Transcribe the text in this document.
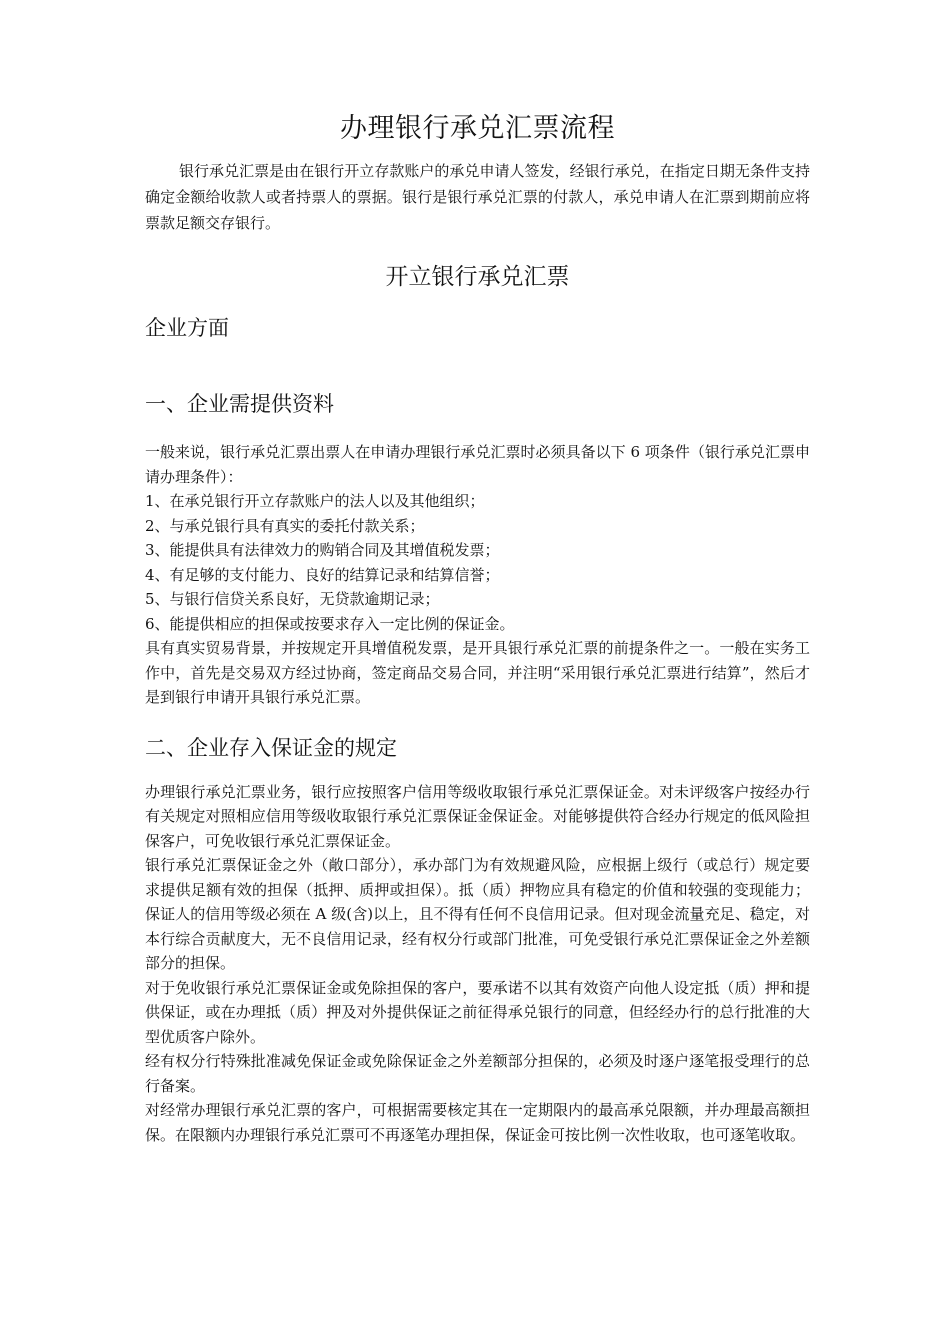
办理银行承兑汇票流程

银行承兑汇票是由在银行开立存款账户的承兑申请人签发，经银行承兑，在指定日期无条件支持确定金额给收款人或者持票人的票据。银行是银行承兑汇票的付款人，承兑申请人在汇票到期前应将票款足额交存银行。

开立银行承兑汇票
企业方面
一、企业需提供资料

一般来说，银行承兑汇票出票人在申请办理银行承兑汇票时必须具备以下 6 项条件（银行承兑汇票申请办理条件）：

1、在承兑银行开立存款账户的法人以及其他组织；

2、与承兑银行具有真实的委托付款关系；

3、能提供具有法律效力的购销合同及其增值税发票；

4、有足够的支付能力、良好的结算记录和结算信誉；

5、与银行信贷关系良好，无贷款逾期记录；

6、能提供相应的担保或按要求存入一定比例的保证金。

具有真实贸易背景，并按规定开具增值税发票，是开具银行承兑汇票的前提条件之一。一般在实务工作中，首先是交易双方经过协商，签定商品交易合同，并注明“采用银行承兑汇票进行结算”，然后才是到银行申请开具银行承兑汇票。

二、企业存入保证金的规定

办理银行承兑汇票业务，银行应按照客户信用等级收取银行承兑汇票保证金。对未评级客户按经办行有关规定对照相应信用等级收取银行承兑汇票保证金保证金。对能够提供符合经办行规定的低风险担保客户，可免收银行承兑汇票保证金。

银行承兑汇票保证金之外（敞口部分），承办部门为有效规避风险，应根据上级行（或总行）规定要求提供足额有效的担保（抵押、质押或担保）。抵（质）押物应具有稳定的价值和较强的变现能力；保证人的信用等级必须在 A 级(含)以上，且不得有任何不良信用记录。但对现金流量充足、稳定，对本行综合贡献度大，无不良信用记录，经有权分行或部门批准，可免受银行承兑汇票保证金之外差额部分的担保。

对于免收银行承兑汇票保证金或免除担保的客户，要承诺不以其有效资产向他人设定抵（质）押和提供保证，或在办理抵（质）押及对外提供保证之前征得承兑银行的同意，但经经办行的总行批准的大型优质客户除外。

经有权分行特殊批准减免保证金或免除保证金之外差额部分担保的，必须及时逐户逐笔报受理行的总行备案。

对经常办理银行承兑汇票的客户，可根据需要核定其在一定期限内的最高承兑限额，并办理最高额担保。在限额内办理银行承兑汇票可不再逐笔办理担保，保证金可按比例一次性收取，也可逐笔收取。
